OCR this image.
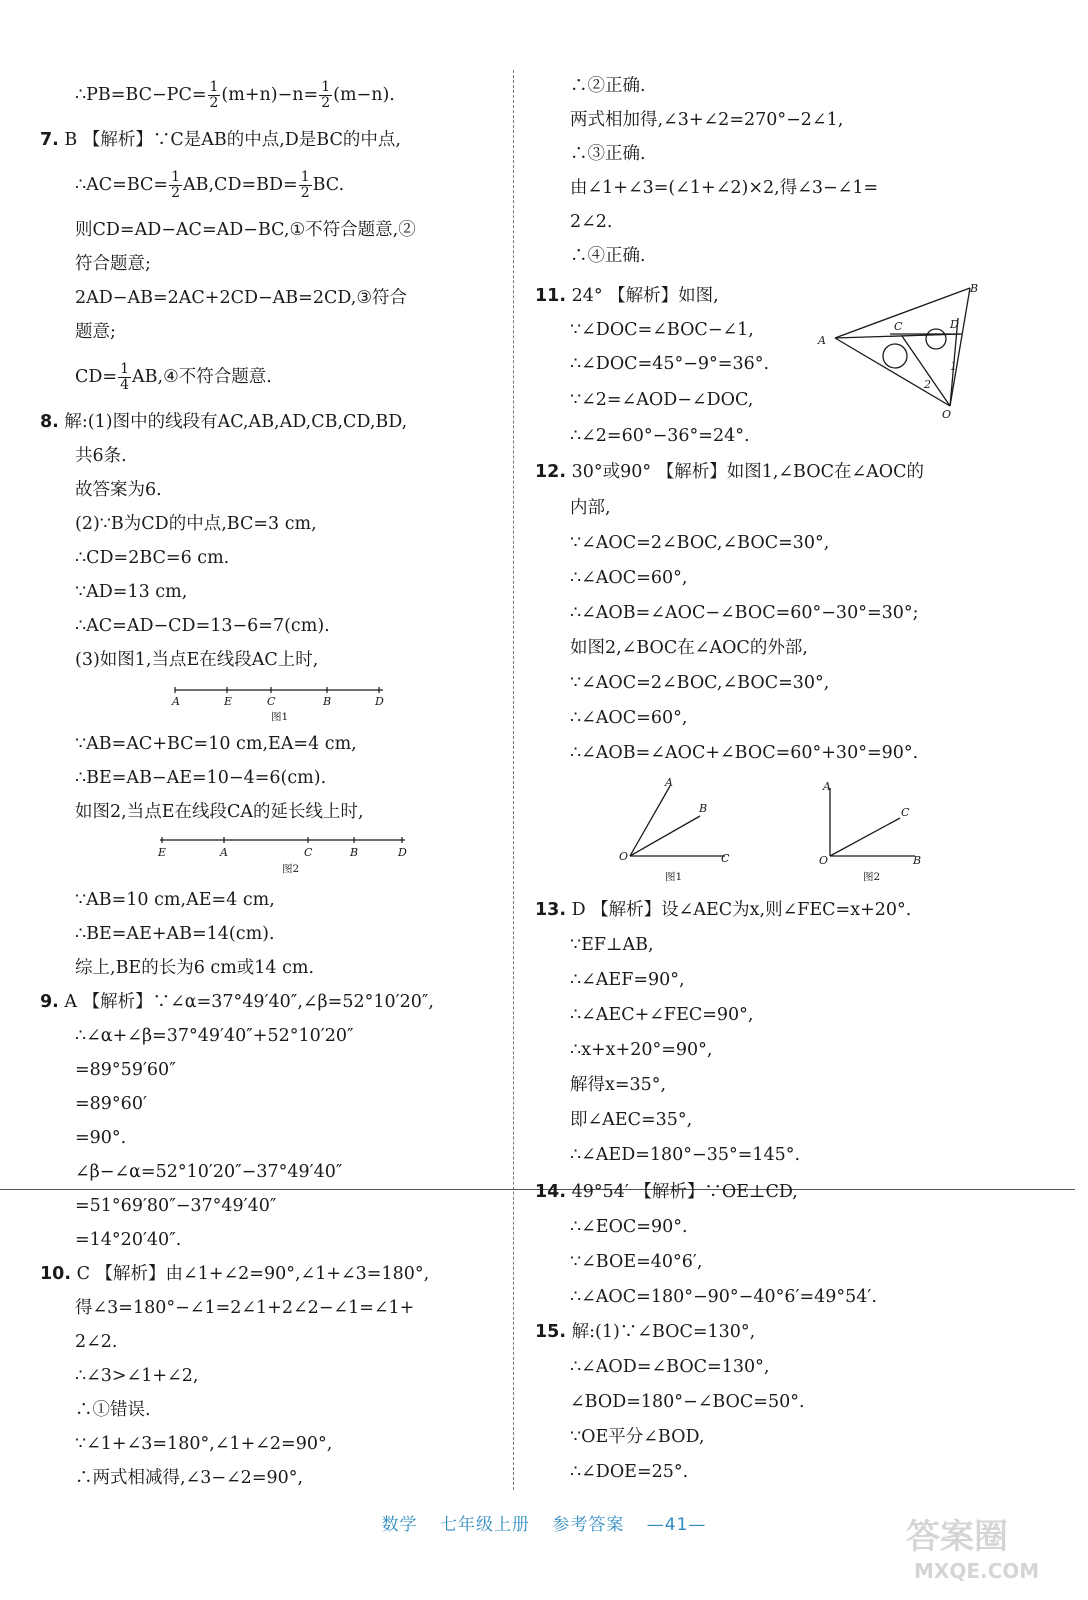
∴PB=BC−PC= $\frac{1}{2} (m+n)-n= \frac{1}{2} (m-n)$.
7. B 【解析】∵C是AB的中点,D是BC的中点,
∴AC=BC= $\frac{1}{2} AB,CD=BD= \frac{1}{2}$ BC.
则CD=AD−AC=AD−BC,①不符合题意,②
符合题意;
2AD−AB=2AC+2CD−AB=2CD,③符合
题意;
$CD= \frac{1}{4}$ AB,④不符合题意.
8. 解:(1)图中的线段有AC,AB,AD,CB,CD,BD,
共6条.
故答案为6.
(2)∵B为CD的中点,BC=3 cm,
∴CD=2BC=6 cm.
∵AD=13 cm,
∴AC=AD−CD=13−6=7(cm).
(3)如图1,当点E在线段AC上时,
A	E	C	B	D
图1
∵AB=AC+BC=10 cm,EA=4 cm,
∴BE=AB−AE=10−4=6(cm).
如图2,当点E在线段CA的延长线上时,
E	A	C	B	D
图2
∵AB=10 cm,AE=4 cm,
∴BE=AE+AB=14(cm).
综上,BE的长为6 cm或14 cm.
9. A 【解析】∵∠α=37°49′40″,∠β=52°10′20″,
∴∠α+∠β=37°49′40″+52°10′20″
=89°59′60″
=89°60′
=90°.
∠β−∠α=52°10′20″−37°49′40″
=51°69′80″−37°49′40″
=14°20′40″.
10. C 【解析】由∠1+∠2=90°,∠1+∠3=180°,
得∠3=180°−∠1=2∠1+2∠2−∠1=∠1+
2∠2.
∴∠3>∠1+∠2,
∴①错误.
∵∠1+∠3=180°,∠1+∠2=90°,
∴两式相减得,∠3−∠2=90°,
∴②正确.
两式相加得,∠3+∠2=270°−2∠1,
∴③正确.
由∠1+∠3=(∠1+∠2)×2,得∠3−∠1=
2∠2.
∴④正确.
11. 24° 【解析】如图,
∵∠DOC=∠BOC−∠1,
∴∠DOC=45°−9°=36°.
∵∠2=∠AOD−∠DOC,
∴∠2=60°−36°=24°.
A
B
C	D
O
1
2
12. 30°或90° 【解析】如图1,∠BOC在∠AOC的
内部,
∵∠AOC=2∠BOC,∠BOC=30°,
∴∠AOC=60°,
∴∠AOB=∠AOC−∠BOC=60°−30°=30°;
如图2,∠BOC在∠AOC的外部,
∵∠AOC=2∠BOC,∠BOC=30°,
∴∠AOC=60°,
∴∠AOB=∠AOC+∠BOC=60°+30°=90°.
O
A
B
C
图1
O
A
C
B
图2
13. D 【解析】设∠AEC为x,则∠FEC=x+20°.
∵EF⊥AB,
∴∠AEF=90°,
∴∠AEC+∠FEC=90°,
∴x+x+20°=90°,
解得x=35°,
即∠AEC=35°,
∴∠AED=180°−35°=145°.
14. 49°54′ 【解析】∵OE⊥CD,
∴∠EOC=90°.
∵∠BOE=40°6′,
∴∠AOC=180°−90°−40°6′=49°54′.
15. 解:(1)∵∠BOC=130°,
∴∠AOD=∠BOC=130°,
∠BOD=180°−∠BOC=50°.
∵OE平分∠BOD,
∴∠DOE=25°.
数学 七年级上册 参考答案 —41—	答案圈
MXQE.COM
